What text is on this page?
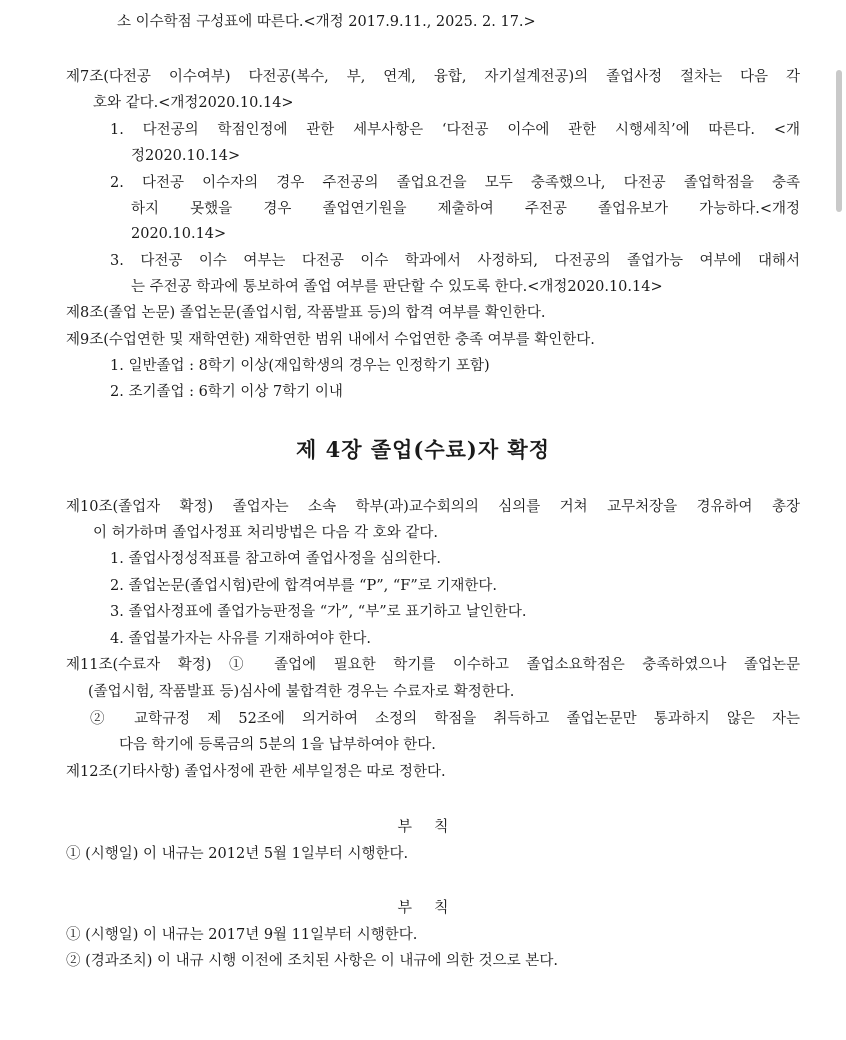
소 이수학점 구성표에 따른다.<개정 2017.9.11., 2025. 2. 17.>
제7조(다전공 이수여부) 다전공(복수, 부, 연계, 융합, 자기설계전공)의 졸업사정 절차는 다음 각
호와 같다.<개정2020.10.14>
1. 다전공의 학점인정에 관한 세부사항은 ‘다전공 이수에 관한 시행세칙’에 따른다. <개
정2020.10.14>
2. 다전공 이수자의 경우 주전공의 졸업요건을 모두 충족했으나, 다전공 졸업학점을 충족
하지 못했을 경우 졸업연기원을 제출하여 주전공 졸업유보가 가능하다.<개정
2020.10.14>
3. 다전공 이수 여부는 다전공 이수 학과에서 사정하되, 다전공의 졸업가능 여부에 대해서
는 주전공 학과에 통보하여 졸업 여부를 판단할 수 있도록 한다.<개정2020.10.14>
제8조(졸업 논문) 졸업논문(졸업시험, 작품발표 등)의 합격 여부를 확인한다.
제9조(수업연한 및 재학연한) 재학연한 범위 내에서 수업연한 충족 여부를 확인한다.
1. 일반졸업 : 8학기 이상(재입학생의 경우는 인정학기 포함)
2. 조기졸업 : 6학기 이상 7학기 이내
제 4장 졸업(수료)자 확정
제10조(졸업자 확정) 졸업자는 소속 학부(과)교수회의의 심의를 거쳐 교무처장을 경유하여 총장
이 허가하며 졸업사정표 처리방법은 다음 각 호와 같다.
1. 졸업사정성적표를 참고하여 졸업사정을 심의한다.
2. 졸업논문(졸업시험)란에 합격여부를 “P”, “F”로 기재한다.
3. 졸업사정표에 졸업가능판정을 “가”, “부”로 표기하고 날인한다.
4. 졸업불가자는 사유를 기재하여야 한다.
제11조(수료자 확정) ① 졸업에 필요한 학기를 이수하고 졸업소요학점은 충족하였으나 졸업논문
(졸업시험, 작품발표 등)심사에 불합격한 경우는 수료자로 확정한다.
② 교학규정 제 52조에 의거하여 소정의 학점을 취득하고 졸업논문만 통과하지 않은 자는
다음 학기에 등록금의 5분의 1을 납부하여야 한다.
제12조(기타사항) 졸업사정에 관한 세부일정은 따로 정한다.
부칙
① (시행일) 이 내규는 2012년 5월 1일부터 시행한다.
부칙
① (시행일) 이 내규는 2017년 9월 11일부터 시행한다.
② (경과조치) 이 내규 시행 이전에 조치된 사항은 이 내규에 의한 것으로 본다.
